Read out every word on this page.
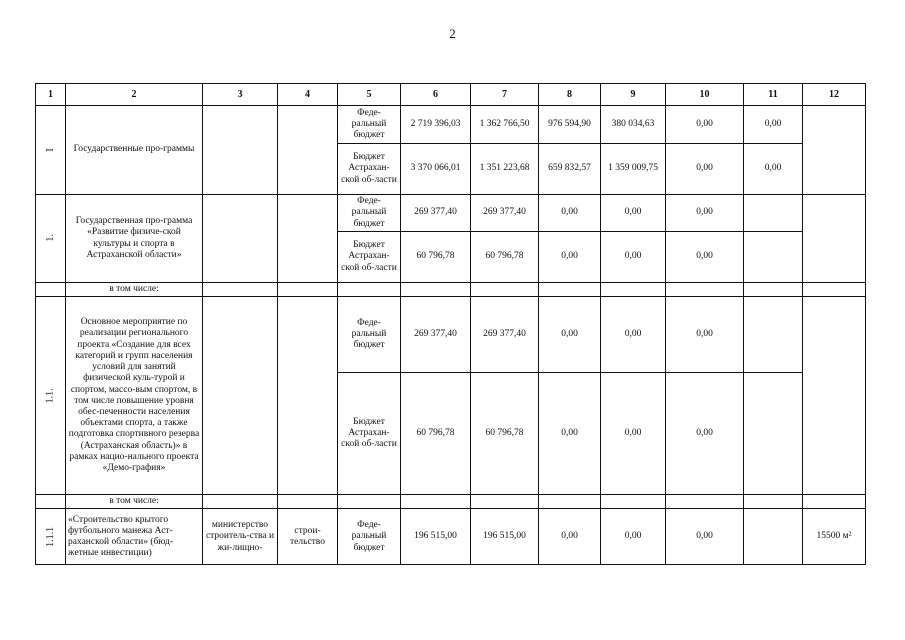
2
1	2	3	4	5	6	7	8	9	10	11	12
I	Государственные про-граммы			Феде-ральный бюджет	2 719 396,03	1 362 766,50	976 594,90	380 034,63	0,00	0,00	
				Бюджет Астрахан-ской об-ласти	3 370 066,01	1 351 223,68	659 832,57	1 359 009,75	0,00	0,00	
1.	Государственная про-грамма «Развитие физиче-ской культуры и спорта в Астраханской области»			Феде-ральный бюджет	269 377,40	269 377,40	0,00	0,00	0,00		
				Бюджет Астрахан-ской об-ласти	60 796,78	60 796,78	0,00	0,00	0,00		
	в том числе:										
1.1.	Основное мероприятие по реализации регионального проекта «Создание для всех категорий и групп населения условий для занятий физической куль-турой и спортом, массо-вым спортом, в том числе повышение уровня обес-печенности населения объектами спорта, а также подготовка спортивного резерва (Астраханская область)» в рамках нацио-нального проекта «Демо-графия»			Феде-ральный бюджет	269 377,40	269 377,40	0,00	0,00	0,00		
				Бюджет Астрахан-ской об-ласти	60 796,78	60 796,78	0,00	0,00	0,00		
	в том числе:										
1.1.1	«Строительство крытого футбольного манежа Аст-раханской области» (бюд-жетные инвестиции)	министерство строитель-ства и жи-лищно-	строи-тельство	Феде-ральный бюджет	196 515,00	196 515,00	0,00	0,00	0,00		15500 м²
